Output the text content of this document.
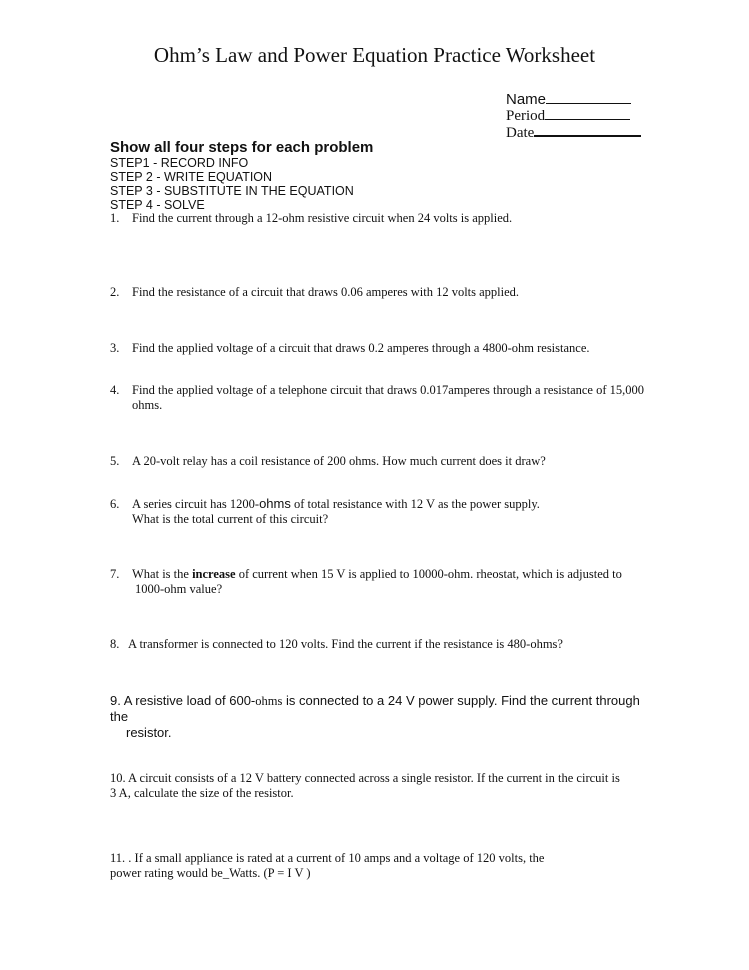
Ohm’s Law and Power Equation Practice Worksheet
Name
Period
Date
Show all four steps for each problem
STEP1 - RECORD INFO
STEP 2 - WRITE EQUATION
STEP 3 - SUBSTITUTE IN THE EQUATION
STEP 4 - SOLVE
1. Find the current through a 12-ohm resistive circuit when 24 volts is applied.
2. Find the resistance of a circuit that draws 0.06 amperes with 12 volts applied.
3. Find the applied voltage of a circuit that draws 0.2 amperes through a 4800-ohm resistance.
4. Find the applied voltage of a telephone circuit that draws 0.017amperes through a resistance of 15,000
ohms.
5. A 20-volt relay has a coil resistance of 200 ohms. How much current does it draw?
6. A series circuit has 1200-ohms of total resistance with 12 V as the power supply.
What is the total current of this circuit?
7. What is the increase of current when 15 V is applied to 10000-ohm. rheostat, which is adjusted to
1000-ohm value?
8. A transformer is connected to 120 volts. Find the current if the resistance is 480-ohms?
9. A resistive load of 600-ohms is connected to a 24 V power supply. Find the current through the
resistor.
10. A circuit consists of a 12 V battery connected across a single resistor. If the current in the circuit is
3 A, calculate the size of the resistor.
11. . If a small appliance is rated at a current of 10 amps and a voltage of 120 volts, the
power rating would be_Watts. (P = I V )
